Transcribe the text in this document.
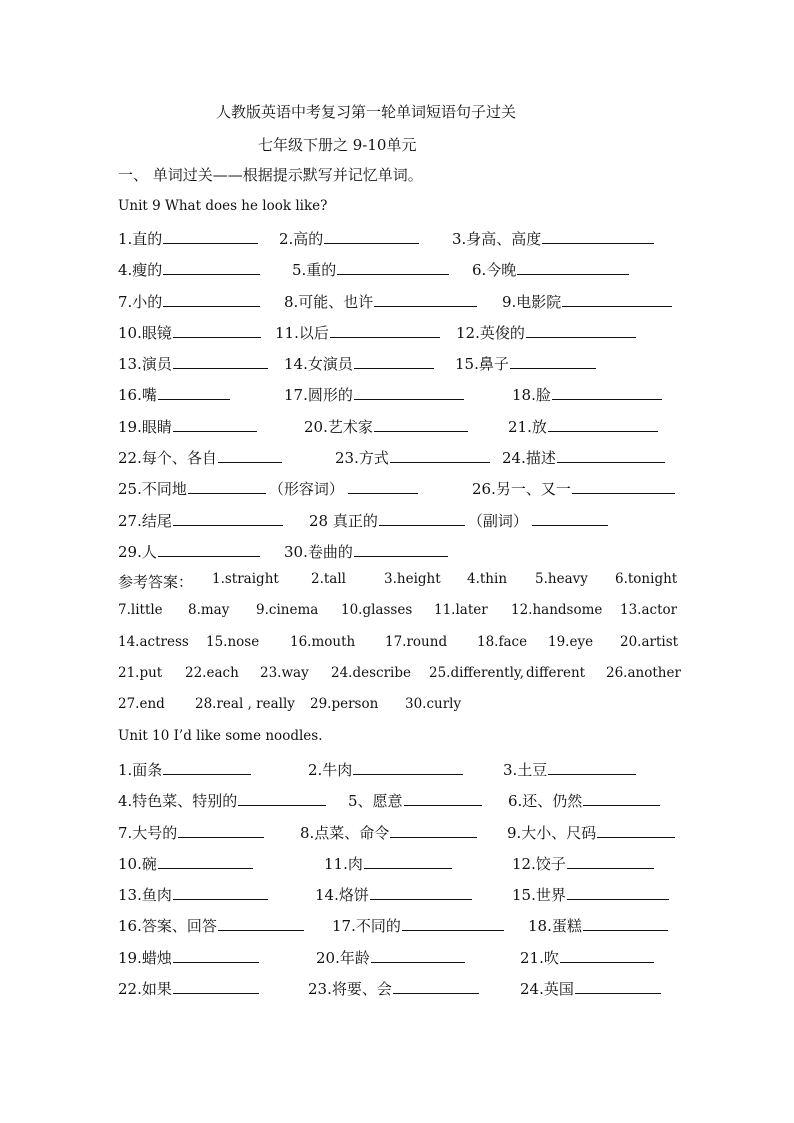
人教版英语中考复习第一轮单词短语句子过关
七年级下册之 9-10单元
一、 单词过关——根据提示默写并记忆单词。
Unit 9 What does he look like?
1.直的	2.高的	3.身高、高度
4.瘦的	5.重的	6.今晚
7.小的	8.可能、也许	9.电影院
10.眼镜	11.以后	12.英俊的
13.演员	14.女演员	15.鼻子
16.嘴	17.圆形的	18.脸
19.眼睛	20.艺术家	21.放
22.每个、各自	23.方式	24.描述
25.不同地	（形容词）	26.另一、又一
27.结尾	28 真正的	（副词）
29.人	30.卷曲的
参考答案： 1.straight 2.tall	3.height 4.thin 5.heavy 6.tonight
7.little 8.may 9.cinema 10.glasses 11.later 12.handsome 13.actor
14.actress 15.nose 16.mouth 17.round 18.face 19.eye 20.artist
21.put 22.each 23.way 24.describe 25.differently, different 26.another
27.end 28.real , really 29.person 30.curly
Unit 10 I’d like some noodles.
1.面条	2.牛肉	3.土豆
4.特色菜、特别的	5、愿意	6.还、仍然
7.大号的	8.点菜、命令	9.大小、尺码
10.碗	11.肉	12.饺子
13.鱼肉	14.烙饼	15.世界
16.答案、回答	17.不同的	18.蛋糕
19.蜡烛	20.年龄	21.吹
22.如果	23.将要、会	24.英国
